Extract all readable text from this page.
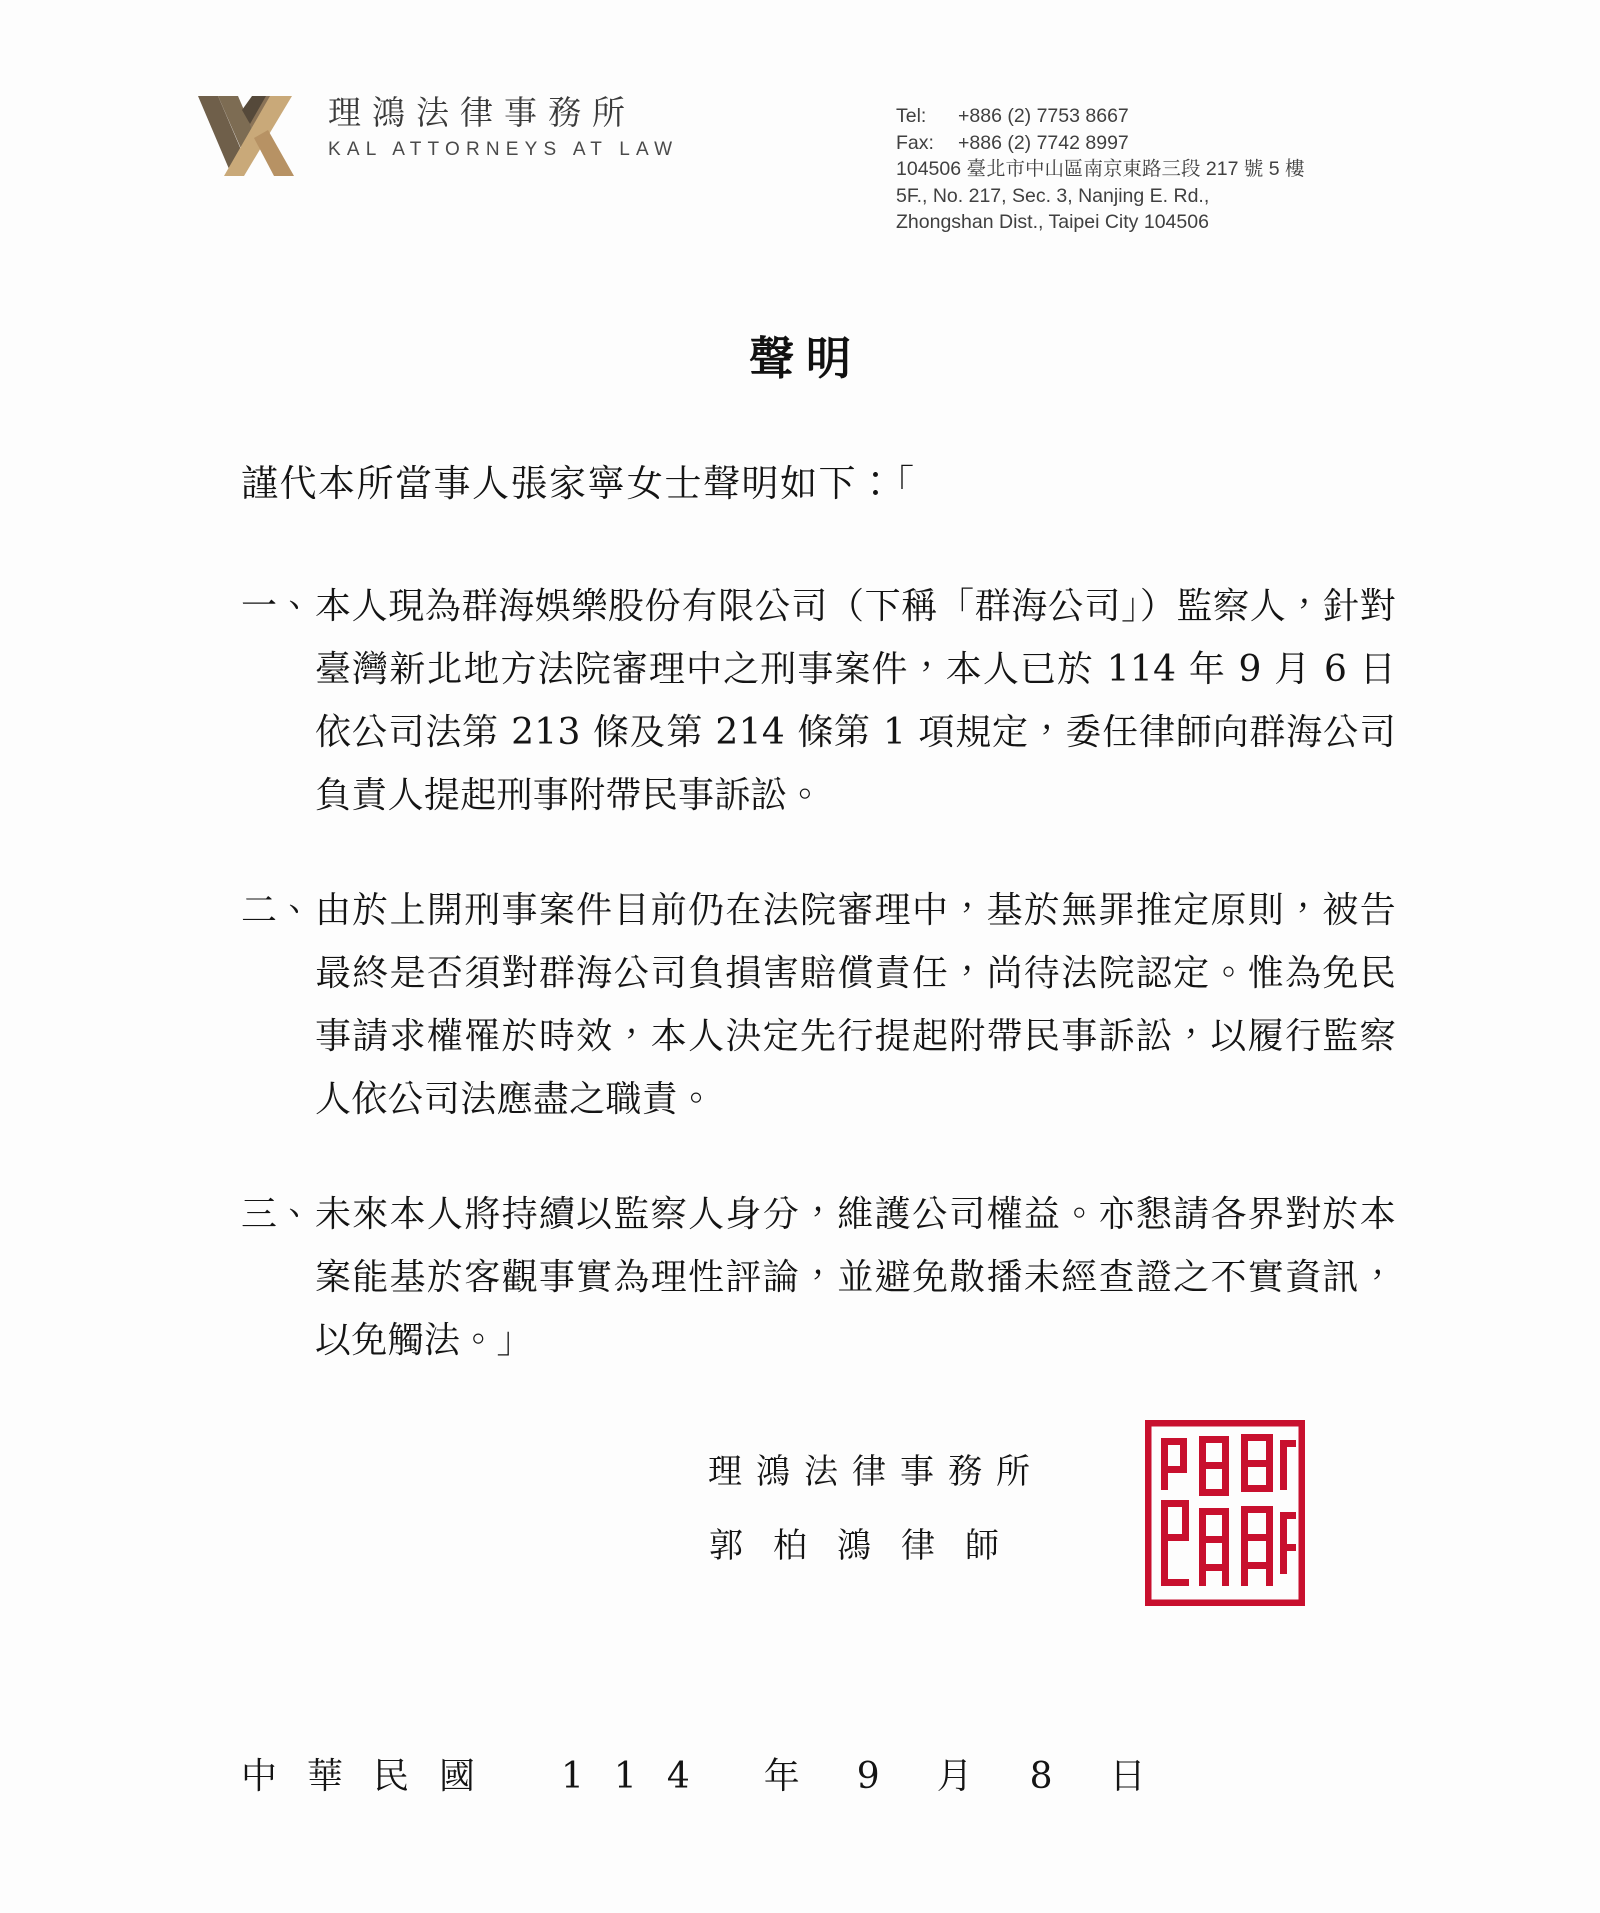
理鴻法律事務所
KAL ATTORNEYS AT LAW
Tel: +886 (2) 7753 8667
Fax: +886 (2) 7742 8997
104506 臺北市中山區南京東路三段 217 號 5 樓
5F., No. 217, Sec. 3, Nanjing E. Rd.,
Zhongshan Dist., Taipei City 104506
聲明

謹代本所當事人張家寧女士聲明如下：「

一、 本人現為群海娛樂股份有限公司（下稱「群海公司」）監察人，針對臺灣新北地方法院審理中之刑事案件，本人已於 114 年 9 月 6 日依公司法第 213 條及第 214 條第 1 項規定，委任律師向群海公司負責人提起刑事附帶民事訴訟。
二、 由於上開刑事案件目前仍在法院審理中，基於無罪推定原則，被告最終是否須對群海公司負損害賠償責任，尚待法院認定。惟為免民事請求權罹於時效，本人決定先行提起附帶民事訴訟，以履行監察人依公司法應盡之職責。
三、 未來本人將持續以監察人身分，維護公司權益。亦懇請各界對於本案能基於客觀事實為理性評論，並避免散播未經查證之不實資訊，以免觸法。」
理鴻法律事務所
郭柏鴻律師
中華民國 114 年 9 月 8 日
